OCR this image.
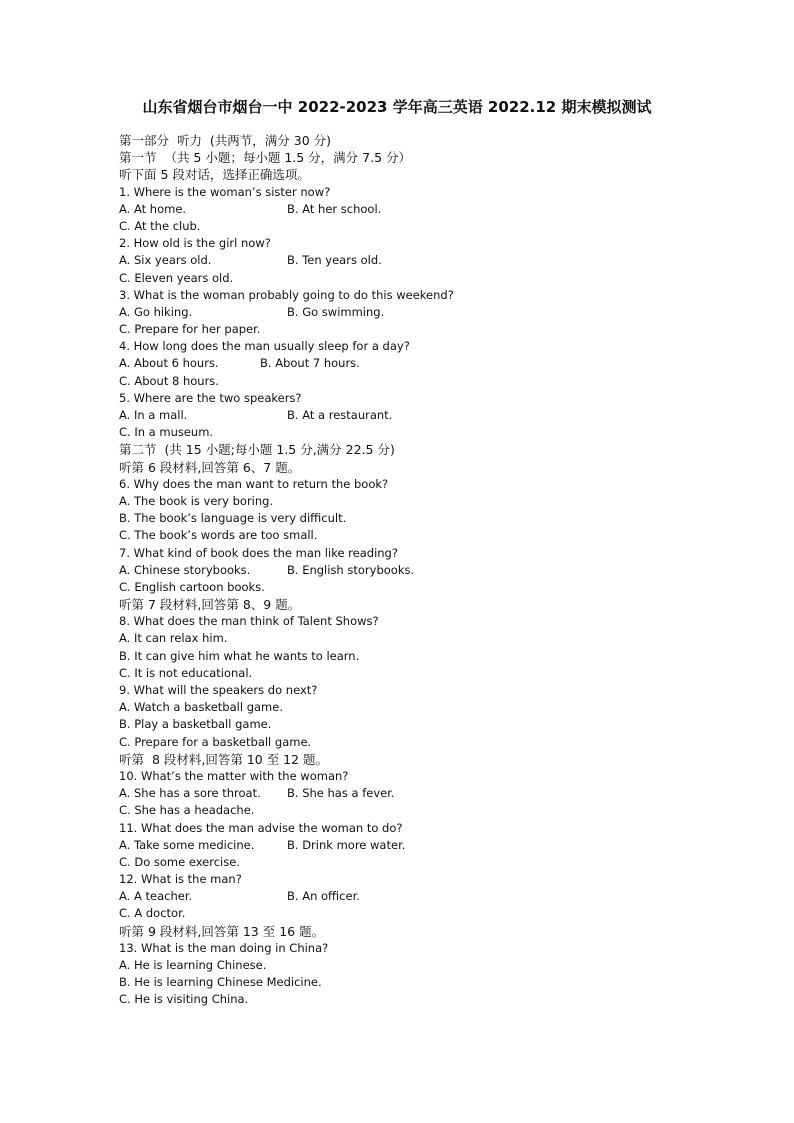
山东省烟台市烟台一中 2022-2023 学年高三英语 2022.12 期末模拟测试
第一部分  听力  (共两节，满分 30 分)
第一节  （共 5 小题；每小题 1.5 分，满分 7.5 分）
听下面 5 段对话，选择正确选项。
1. Where is the woman’s sister now?
A. At home.	B. At her school.
C. At the club.
2. How old is the girl now?
A. Six years old.	B. Ten years old.
C. Eleven years old.
3. What is the woman probably going to do this weekend?
A. Go hiking.	B. Go swimming.
C. Prepare for her paper.
4. How long does the man usually sleep for a day?
A. About 6 hours.	B. About 7 hours.
C. About 8 hours.
5. Where are the two speakers?
A. In a mall.	B. At a restaurant.
C. In a museum.
第二节  (共 15 小题;每小题 1.5 分,满分 22.5 分)
听第 6 段材料,回答第 6、7 题。
6. Why does the man want to return the book?
A. The book is very boring.
B. The book’s language is very difficult.
C. The book’s words are too small.
7. What kind of book does the man like reading?
A. Chinese storybooks.	B. English storybooks.
C. English cartoon books.
听第 7 段材料,回答第 8、9 题。
8. What does the man think of Talent Shows?
A. It can relax him.
B. It can give him what he wants to learn.
C. It is not educational.
9. What will the speakers do next?
A. Watch a basketball game.
B. Play a basketball game.
C. Prepare for a basketball game.
听第  8 段材料,回答第 10 至 12 题。
10. What’s the matter with the woman?
A. She has a sore throat.	B. She has a fever.
C. She has a headache.
11. What does the man advise the woman to do?
A. Take some medicine.	B. Drink more water.
C. Do some exercise.
12. What is the man?
A. A teacher.	B. An officer.
C. A doctor.
听第 9 段材料,回答第 13 至 16 题。
13. What is the man doing in China?
A. He is learning Chinese.
B. He is learning Chinese Medicine.
C. He is visiting China.
